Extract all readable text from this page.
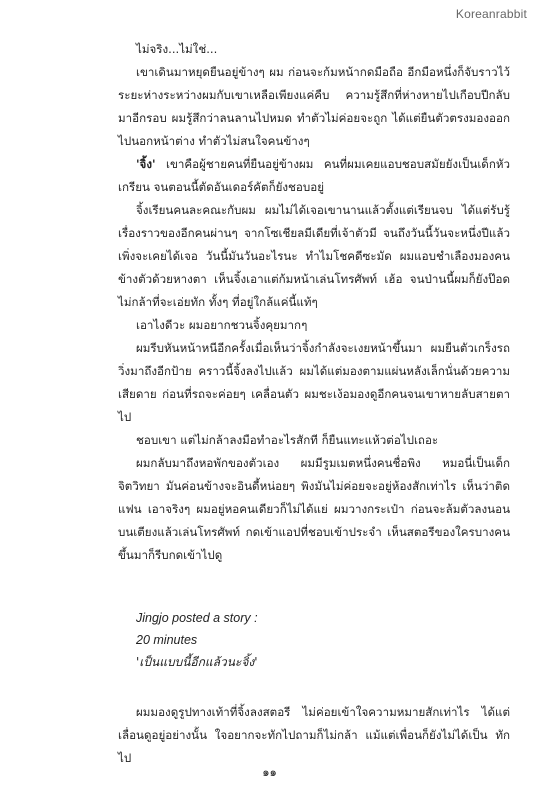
Koreanrabbit

ไม่จริง...ไม่ใช่...

เขาเดินมาหยุดยืนอยู่ข้างๆ ผม ก่อนจะก้มหน้ากดมือถือ อีกมือหนึ่งก็จับราวไว้ ระยะห่างระหว่างผมกับเขาเหลือเพียงแค่คืบ ความรู้สึกที่ห่างหายไปเกือบปีกลับมาอีกรอบ ผมรู้สึกว่าลนลานไปหมด ทำตัวไม่ค่อยจะถูก ได้แต่ยืนตัวตรงมองออกไปนอกหน้าต่าง ทำตัวไม่สนใจคนข้างๆ

'จิ้ง' เขาคือผู้ชายคนที่ยืนอยู่ข้างผม คนที่ผมเคยแอบชอบสมัยยังเป็นเด็กหัวเกรียน จนตอนนี้ตัดอันเดอร์คัตก็ยังชอบอยู่

จิ้งเรียนคนละคณะกับผม ผมไม่ได้เจอเขานานแล้วตั้งแต่เรียนจบ ได้แต่รับรู้เรื่องราวของอีกคนผ่านๆ จากโซเชียลมีเดียที่เจ้าตัวมี จนถึงวันนี้วันจะหนึ่งปีแล้ว เพิ่งจะเคยได้เจอ วันนี้มันวันอะไรนะ ทำไมโชคดีซะมัด ผมแอบชำเลืองมองคนข้างตัวด้วยหางตา เห็นจิ้งเอาแต่ก้มหน้าเล่นโทรศัพท์ เฮ้อ จนป่านนี้ผมก็ยังป๊อด ไม่กล้าที่จะเอ่ยทัก ทั้งๆ ที่อยู่ใกล้แค่นี้แท้ๆ

เอาไงดีวะ ผมอยากชวนจิ้งคุยมากๆ

ผมรีบหันหน้าหนีอีกครั้งเมื่อเห็นว่าจิ้งกำลังจะเงยหน้าขึ้นมา ผมยืนตัวเกร็งรถวิ่งมาถึงอีกป้าย คราวนี้จิ้งลงไปแล้ว ผมได้แต่มองตามแผ่นหลังเล็กนั่นด้วยความเสียดาย ก่อนที่รถจะค่อยๆ เคลื่อนตัว ผมชะเง้อมองดูอีกคนจนเขาหายลับสายตาไป

ชอบเขา แต่ไม่กล้าลงมือทำอะไรสักที ก็ยืนแทะแห้วต่อไปเถอะ

ผมกลับมาถึงหอพักของตัวเอง ผมมีรูมเมตหนึ่งคนชื่อพิง หมอนี่เป็นเด็กจิตวิทยา มันค่อนข้างจะอินดี้หน่อยๆ พิงมันไม่ค่อยจะอยู่ห้องสักเท่าไร เห็นว่าติดแฟน เอาจริงๆ ผมอยู่หอคนเดียวก็ไม่ได้แย่ ผมวางกระเป๋า ก่อนจะล้มตัวลงนอนบนเตียงแล้วเล่นโทรศัพท์ กดเข้าแอปที่ชอบเข้าประจำ เห็นสตอรีของใครบางคนขึ้นมาก็รีบกดเข้าไปดู

Jingjo posted a story :
20 minutes
'เป็นแบบนี้อีกแล้วนะจิ้ง'

ผมมองดูรูปทางเท้าที่จิ้งลงสตอรี ไม่ค่อยเข้าใจความหมายสักเท่าไร ได้แต่เลื่อนดูอยู่อย่างนั้น ใจอยากจะทักไปถามก็ไม่กล้า แม้แต่เพื่อนก็ยังไม่ได้เป็น ทักไป

๑๑
